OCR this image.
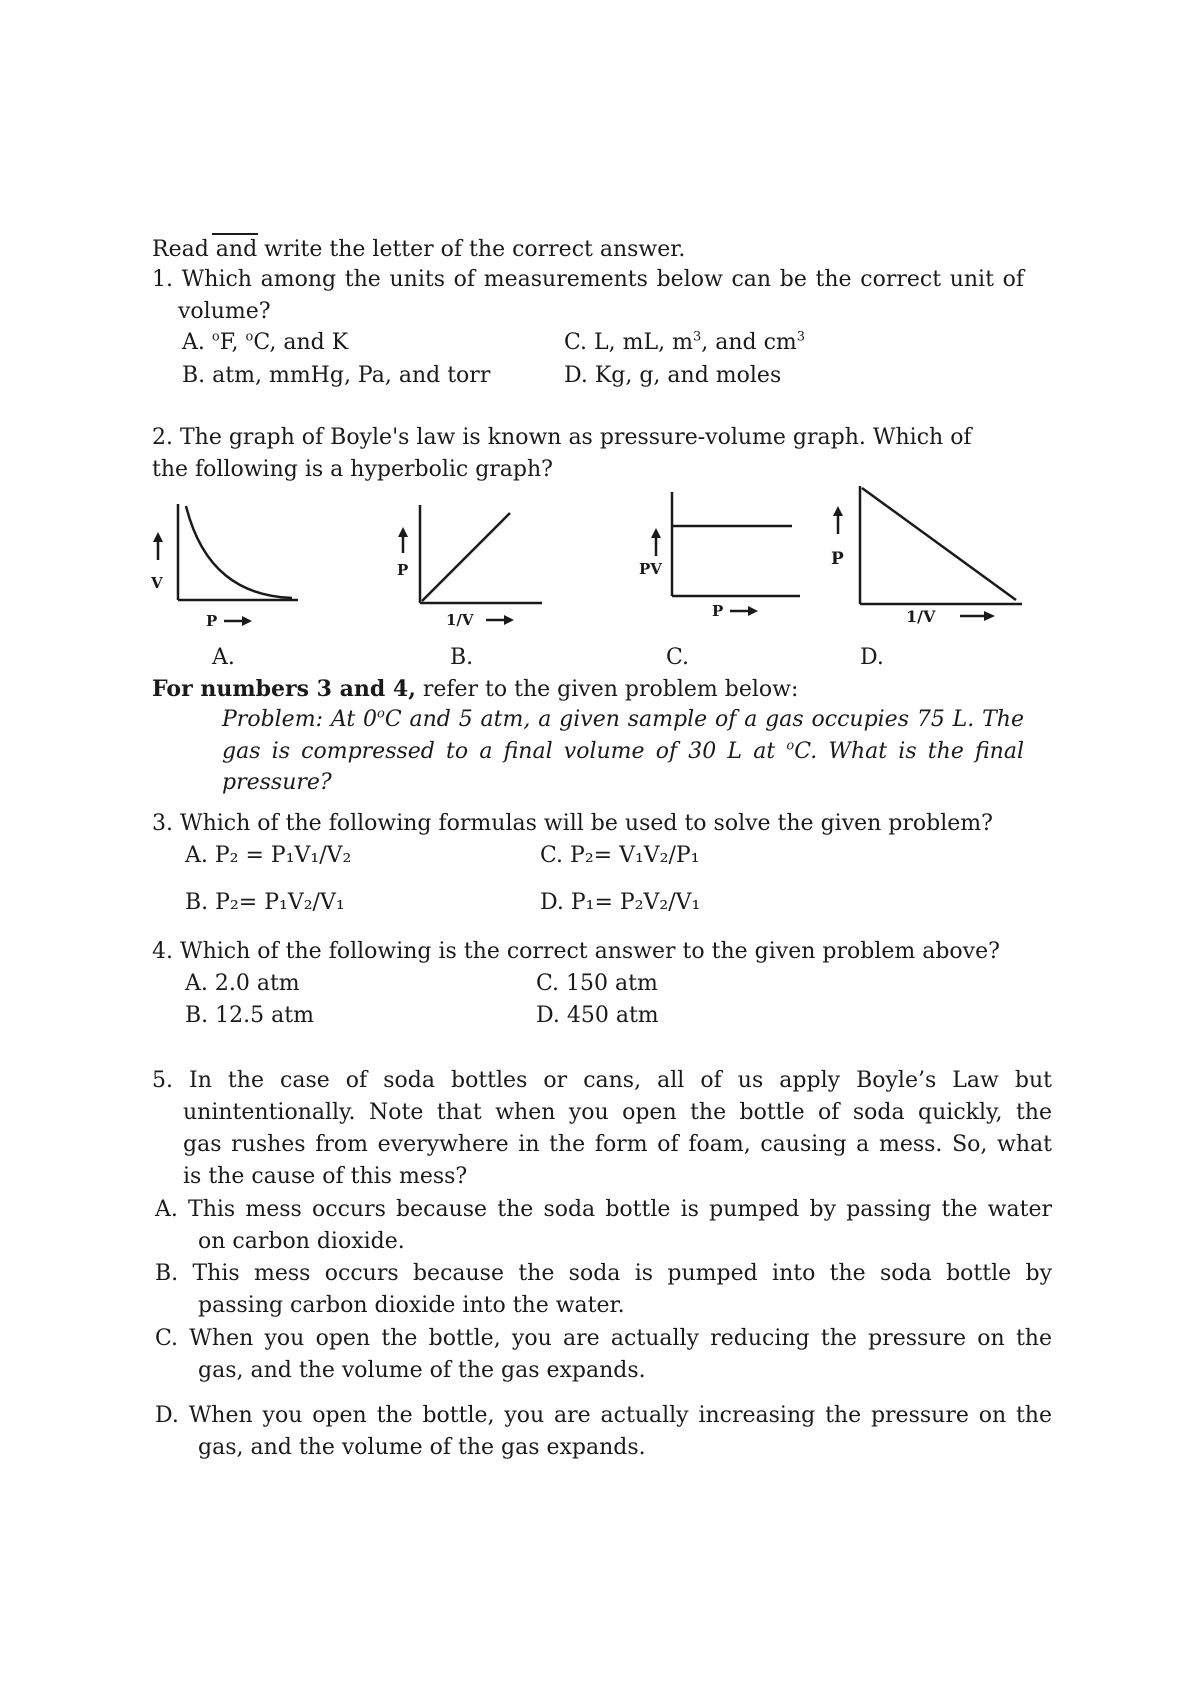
Read and write the letter of the correct answer.
1. Which among the units of measurements below can be the correct unit of
volume?
A. $^o$F, $^o$C, and K	C. L, mL, $m^3$, and $cm^3$
B. atm, mmHg, Pa, and torr	D. Kg, g, and moles
2. The graph of Boyle's law is known as pressure-volume graph. Which of
the following is a hyperbolic graph?
V
P
P
1/V
PV
P
P
1/V
A.	B.	C.	D.
For numbers 3 and 4, refer to the given problem below:
Problem: At 0$^o$C and 5 atm, a given sample of a gas occupies 75 L. The
gas is compressed to a final volume of 30 L at $^o$C. What is the final
pressure?
3. Which of the following formulas will be used to solve the given problem?
A. P₂ = P₁V₁/V₂	C. P₂= V₁V₂/P₁
B. P₂= P₁V₂/V₁	D. P₁= P₂V₂/V₁
4. Which of the following is the correct answer to the given problem above?
A. 2.0 atm	C. 150 atm
B. 12.5 atm	D. 450 atm
5. In the case of soda bottles or cans, all of us apply Boyle’s Law but
unintentionally. Note that when you open the bottle of soda quickly, the
gas rushes from everywhere in the form of foam, causing a mess. So, what
is the cause of this mess?
A. This mess occurs because the soda bottle is pumped by passing the water
on carbon dioxide.
B. This mess occurs because the soda is pumped into the soda bottle by
passing carbon dioxide into the water.
C. When you open the bottle, you are actually reducing the pressure on the
gas, and the volume of the gas expands.
D. When you open the bottle, you are actually increasing the pressure on the
gas, and the volume of the gas expands.
